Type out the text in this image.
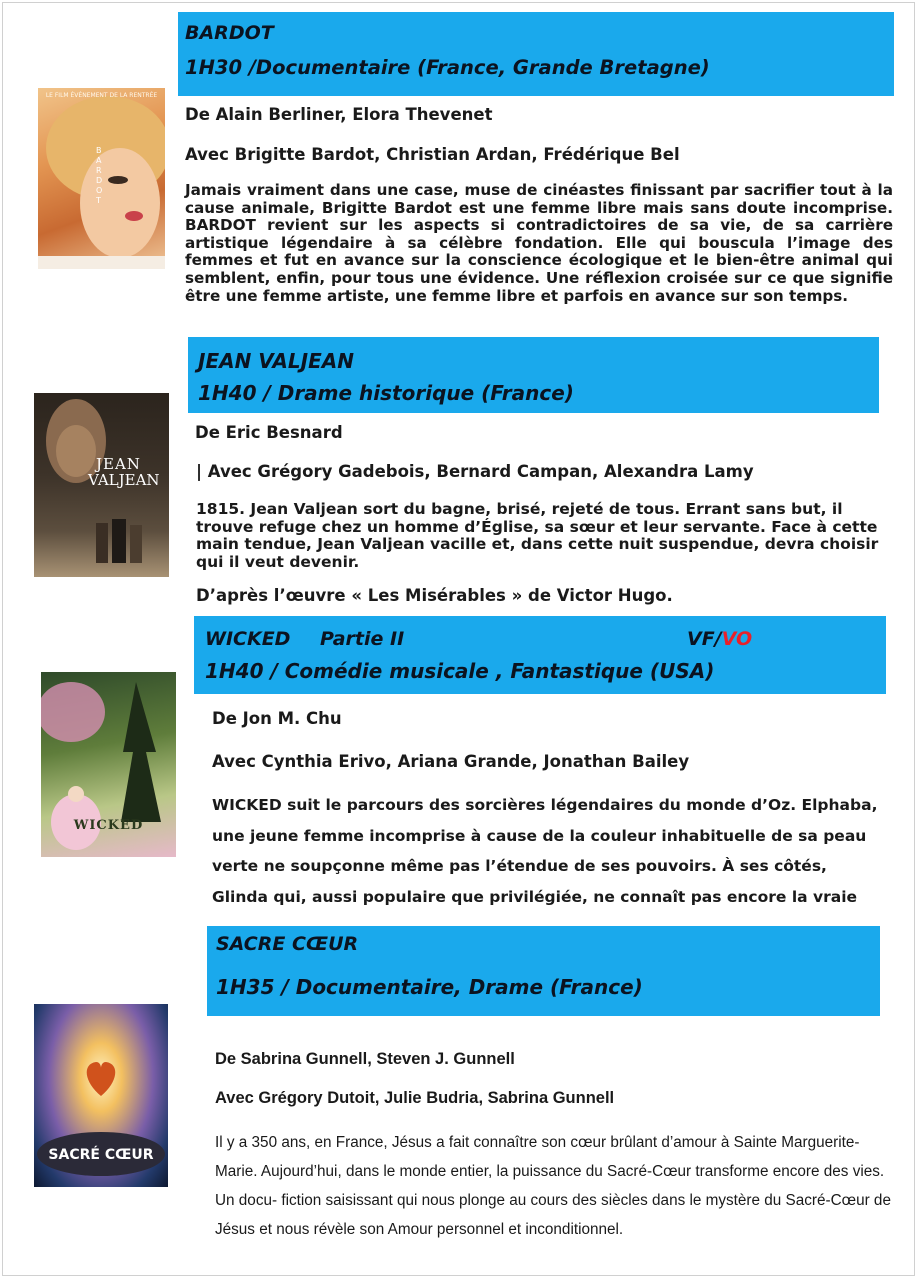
BARDOT
1H30 /Documentaire (France, Grande Bretagne)
LE FILM ÉVÉNEMENT DE LA RENTRÉE
BARDOT
De Alain Berliner, Elora Thevenet
Avec Brigitte Bardot, Christian Ardan, Frédérique Bel
Jamais vraiment dans une case, muse de cinéastes finissant par sacrifier tout à la cause animale, Brigitte Bardot est une femme libre mais sans doute incomprise. BARDOT revient sur les aspects si contradictoires de sa vie, de sa carrière artistique légendaire à sa célèbre fondation. Elle qui bouscula l’image des femmes et fut en avance sur la conscience écologique et le bien-être animal qui semblent, enfin, pour tous une évidence. Une réflexion croisée sur ce que signifie être une femme artiste, une femme libre et parfois en avance sur son temps.
JEAN VALJEAN
1H40 / Drame historique (France)
JEAN
VALJEAN
De Eric Besnard
| Avec Grégory Gadebois, Bernard Campan, Alexandra Lamy
1815. Jean Valjean sort du bagne, brisé, rejeté de tous. Errant sans but, il trouve refuge chez un homme d’Église, sa sœur et leur servante. Face à cette main tendue, Jean Valjean vacille et, dans cette nuit suspendue, devra choisir qui il veut devenir.
D’après l’œuvre « Les Misérables » de Victor Hugo.
WICKED Partie II	VF/VO
1H40 / Comédie musicale , Fantastique (USA)
WICKED
De Jon M. Chu
Avec Cynthia Erivo, Ariana Grande, Jonathan Bailey
WICKED suit le parcours des sorcières légendaires du monde d’Oz. Elphaba, une jeune femme incomprise à cause de la couleur inhabituelle de sa peau verte ne soupçonne même pas l’étendue de ses pouvoirs. À ses côtés, Glinda qui, aussi populaire que privilégiée, ne connaît pas encore la vraie
SACRE CŒUR
1H35 / Documentaire, Drame (France)
SACRÉ CŒUR
De Sabrina Gunnell, Steven J. Gunnell
Avec Grégory Dutoit, Julie Budria, Sabrina Gunnell
Il y a 350 ans, en France, Jésus a fait connaître son cœur brûlant d’amour à Sainte Marguerite-Marie. Aujourd’hui, dans le monde entier, la puissance du Sacré-Cœur transforme encore des vies. Un docu- fiction saisissant qui nous plonge au cours des siècles dans le mystère du Sacré-Cœur de Jésus et nous révèle son Amour personnel et inconditionnel.
